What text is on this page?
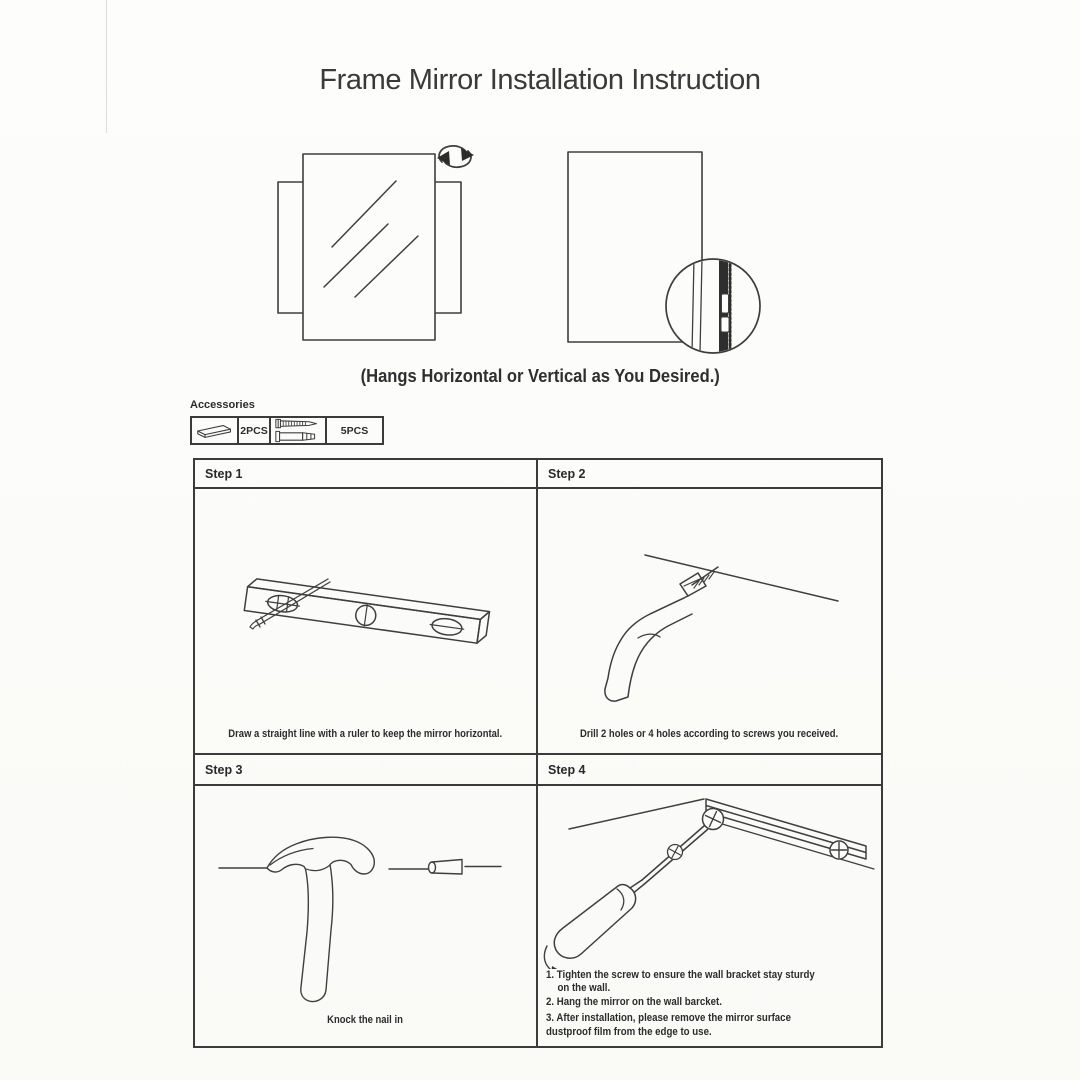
Frame Mirror Installation Instruction
(Hangs Horizontal or Vertical as You Desired.)
Accessories
2PCS	5PCS
Step 1	Step 2
Draw a straight line with a ruler to keep the mirror horizontal.	Drill 2 holes or 4 holes according to screws you received.
Step 3	Step 4
Knock the nail in
1. Tighten the screw to ensure the wall bracket stay sturdy
on the wall.
2. Hang the mirror on the wall barcket.
3. After installation, please remove the mirror surface
dustproof film from the edge to use.
